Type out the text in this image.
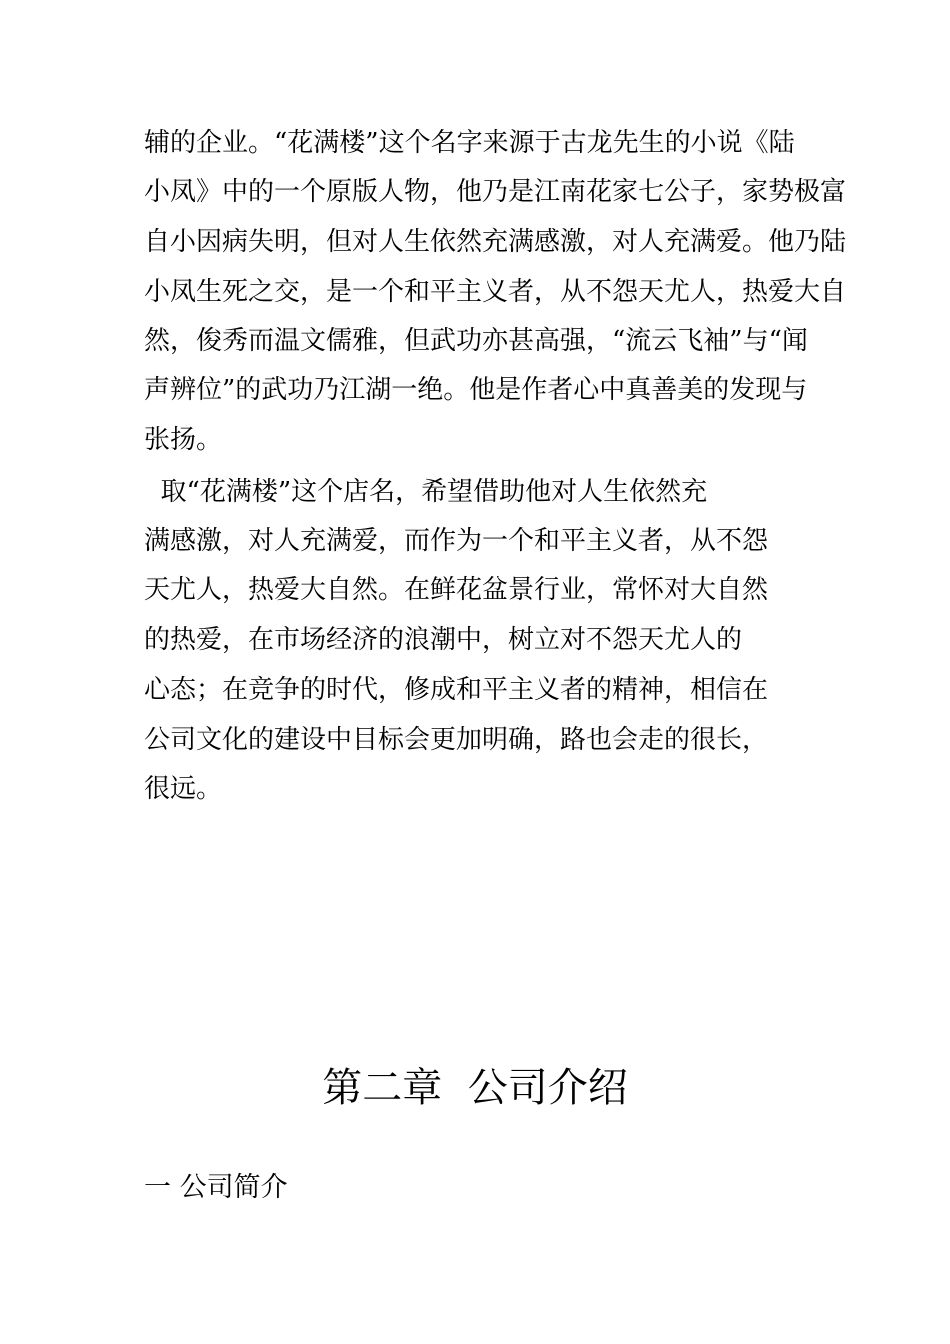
辅的企业。“花满楼”这个名字来源于古龙先生的小说《陆
小凤》中的一个原版人物，他乃是江南花家七公子，家势极富
自小因病失明，但对人生依然充满感激，对人充满爱。他乃陆
小凤生死之交，是一个和平主义者，从不怨天尤人，热爱大自
然，俊秀而温文儒雅，但武功亦甚高强，“流云飞袖”与“闻
声辨位”的武功乃江湖一绝。他是作者心中真善美的发现与
张扬。
取“花满楼”这个店名，希望借助他对人生依然充
满感激，对人充满爱，而作为一个和平主义者，从不怨
天尤人，热爱大自然。在鲜花盆景行业，常怀对大自然
的热爱，在市场经济的浪潮中，树立对不怨天尤人的
心态；在竞争的时代，修成和平主义者的精神，相信在
公司文化的建设中目标会更加明确，路也会走的很长，
很远。
第二章  公司介绍
一 公司简介
